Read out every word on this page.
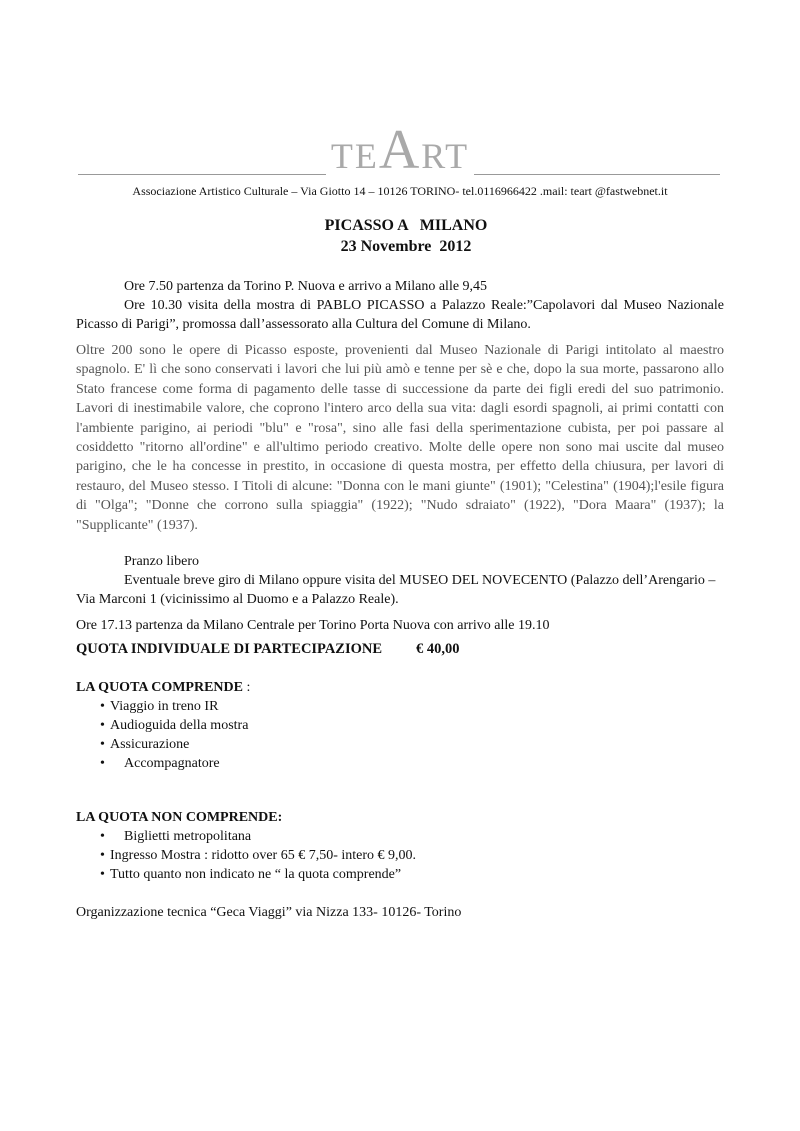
TEART
Associazione Artistico Culturale – Via Giotto 14 – 10126 TORINO- tel.0116966422 .mail: teart @fastwebnet.it
PICASSO A   MILANO
23 Novembre  2012

Ore 7.50 partenza da Torino P. Nuova e arrivo a Milano alle 9,45

Ore 10.30 visita della mostra di PABLO PICASSO a Palazzo Reale:”Capolavori dal Museo Nazionale Picasso di Parigi”, promossa dall’assessorato alla Cultura del Comune di Milano.

Oltre 200 sono le opere di Picasso esposte, provenienti dal Museo Nazionale di Parigi intitolato al maestro spagnolo. E' lì che sono conservati i lavori che lui più amò e tenne per sè e che, dopo la sua morte, passarono allo Stato francese come forma di pagamento delle tasse di successione da parte dei figli eredi del suo patrimonio. Lavori di inestimabile valore, che coprono l'intero arco della sua vita: dagli esordi spagnoli, ai primi contatti con l'ambiente parigino, ai periodi "blu" e "rosa", sino alle fasi della sperimentazione cubista, per poi passare al cosiddetto "ritorno all'ordine" e all'ultimo periodo creativo. Molte delle opere non sono mai uscite dal museo parigino, che le ha concesse in prestito, in occasione di questa mostra, per effetto della chiusura, per lavori di restauro, del Museo stesso. I Titoli di alcune: "Donna con le mani giunte" (1901); "Celestina" (1904);l'esile figura di "Olga"; "Donne che corrono sulla spiaggia" (1922); "Nudo sdraiato" (1922), "Dora Maara" (1937); la "Supplicante" (1937).

Pranzo libero

Eventuale breve giro di Milano oppure visita del MUSEO DEL NOVECENTO (Palazzo dell’Arengario –Via Marconi 1 (vicinissimo al Duomo e a Palazzo Reale).

Ore 17.13 partenza da Milano Centrale per Torino Porta Nuova con arrivo alle 19.10

QUOTA INDIVIDUALE DI PARTECIPAZIONE € 40,00

LA QUOTA COMPRENDE :

• Viaggio in treno IR
• Audioguida della mostra
• Assicurazione
• Accompagnatore

LA QUOTA NON COMPRENDE:

• Biglietti metropolitana
• Ingresso Mostra : ridotto over 65 € 7,50- intero € 9,00.
• Tutto quanto non indicato ne “ la quota comprende”

Organizzazione tecnica “Geca Viaggi” via Nizza 133- 10126- Torino
